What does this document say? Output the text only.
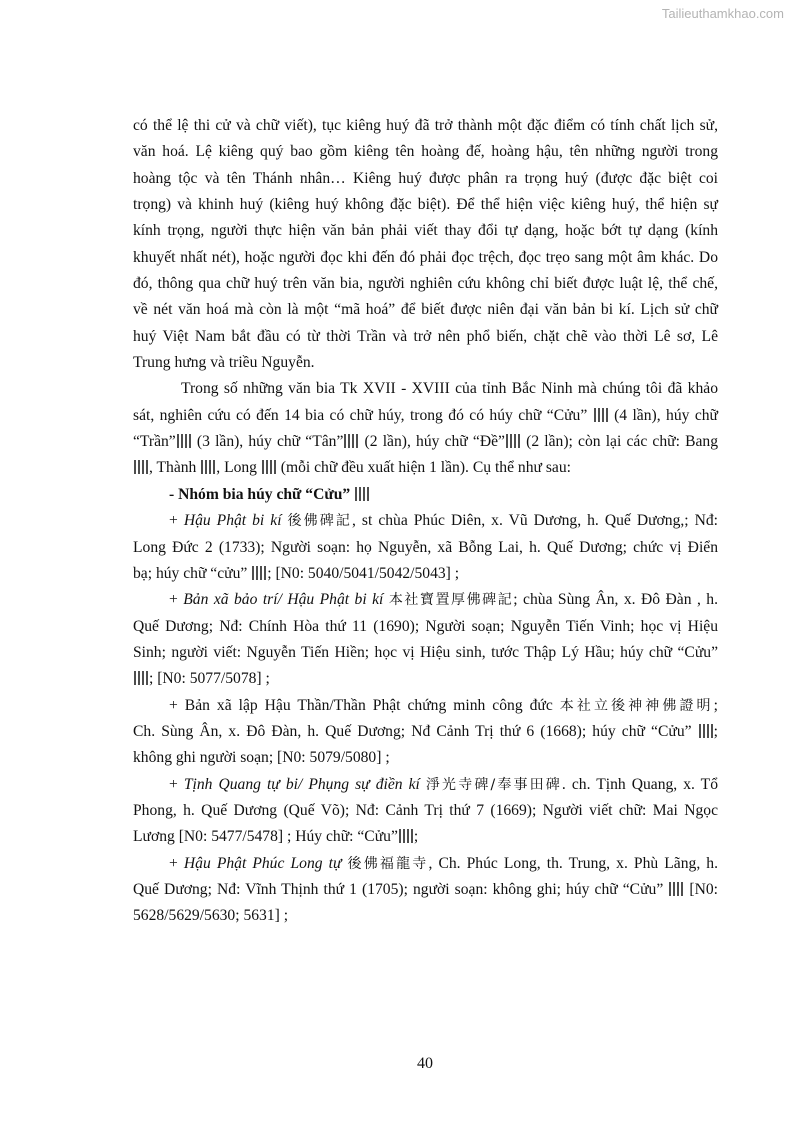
Tailieuthamkhao.com
có thể lệ thi cử và chữ viết), tục kiêng huý đã trở thành một đặc điểm có tính chất lịch sử,
văn hoá. Lệ kiêng quý bao gồm kiêng tên hoàng đế, hoàng hậu, tên những người trong
hoàng tộc và tên Thánh nhân… Kiêng huý được phân ra trọng huý (được đặc biệt coi
trọng) và khinh huý (kiêng huý không đặc biệt). Để thể hiện việc kiêng huý, thể hiện sự
kính trọng, người thực hiện văn bản phải viết thay đổi tự dạng, hoặc bớt tự dạng (kính
khuyết nhất nét), hoặc người đọc khi đến đó phải đọc trệch, đọc trẹo sang một âm khác. Do
đó, thông qua chữ huý trên văn bia, người nghiên cứu không chỉ biết được luật lệ, thể chế,
về nét văn hoá mà còn là một “mã hoá” để biết được niên đại văn bản bi kí. Lịch sử chữ
huý Việt Nam bắt đầu có từ thời Trần và trở nên phổ biến, chặt chẽ vào thời Lê sơ, Lê
Trung hưng và triều Nguyễn.
Trong số những văn bia Tk XVII - XVIII của tỉnh Bắc Ninh mà chúng tôi đã khảo
sát, nghiên cứu có đến 14 bia có chữ húy, trong đó có húy chữ “Cửu”  (4 lần), húy chữ
“Trần” (3 lần), húy chữ “Tân” (2 lần), húy chữ “Đề” (2 lần); còn lại các chữ: Bang
, Thành , Long  (mỗi chữ đều xuất hiện 1 lần). Cụ thể như sau:
- Nhóm bia húy chữ “Cửu”
+ Hậu Phật bi kí 後佛碑記, st chùa Phúc Diên, x. Vũ Dương, h. Quế Dương,; Nđ:
Long Đức 2 (1733); Người soạn: họ Nguyễn, xã Bỗng Lai, h. Quế Dương; chức vị Điển
bạ; húy chữ “cửu” ; [N0: 5040/5041/5042/5043] ;
+ Bản xã bảo trí/ Hậu Phật bi kí 本社寶置厚佛碑記; chùa Sùng Ân, x. Đô Đàn , h.
Quế Dương; Nđ: Chính Hòa thứ 11 (1690); Người soạn; Nguyễn Tiến Vinh; học vị Hiệu
Sinh; người viết: Nguyễn Tiến Hiền; học vị Hiệu sinh, tước Thập Lý Hầu; húy chữ “Cửu”
; [N0: 5077/5078] ;
+ Bản xã lập Hậu Thần/Thần Phật chứng minh công đức 本社立後神神佛證明;
Ch. Sùng Ân, x. Đô Đàn, h. Quế Dương; Nđ Cảnh Trị thứ 6 (1668); húy chữ “Cửu” ;
không ghi người soạn; [N0: 5079/5080] ;
+ Tịnh Quang tự bi/ Phụng sự điền kí 淨光寺碑/奉事田碑. ch. Tịnh Quang, x. Tổ
Phong, h. Quế Dương (Quế Võ); Nđ: Cảnh Trị thứ 7 (1669); Người viết chữ: Mai Ngọc
Lương [N0: 5477/5478] ; Húy chữ: “Cửu” ;
+ Hậu Phật Phúc Long tự 後佛福龍寺, Ch. Phúc Long, th. Trung, x. Phù Lãng, h.
Quế Dương; Nđ: Vĩnh Thịnh thứ 1 (1705); người soạn: không ghi; húy chữ “Cửu”  [N0:
5628/5629/5630; 5631] ;
40
